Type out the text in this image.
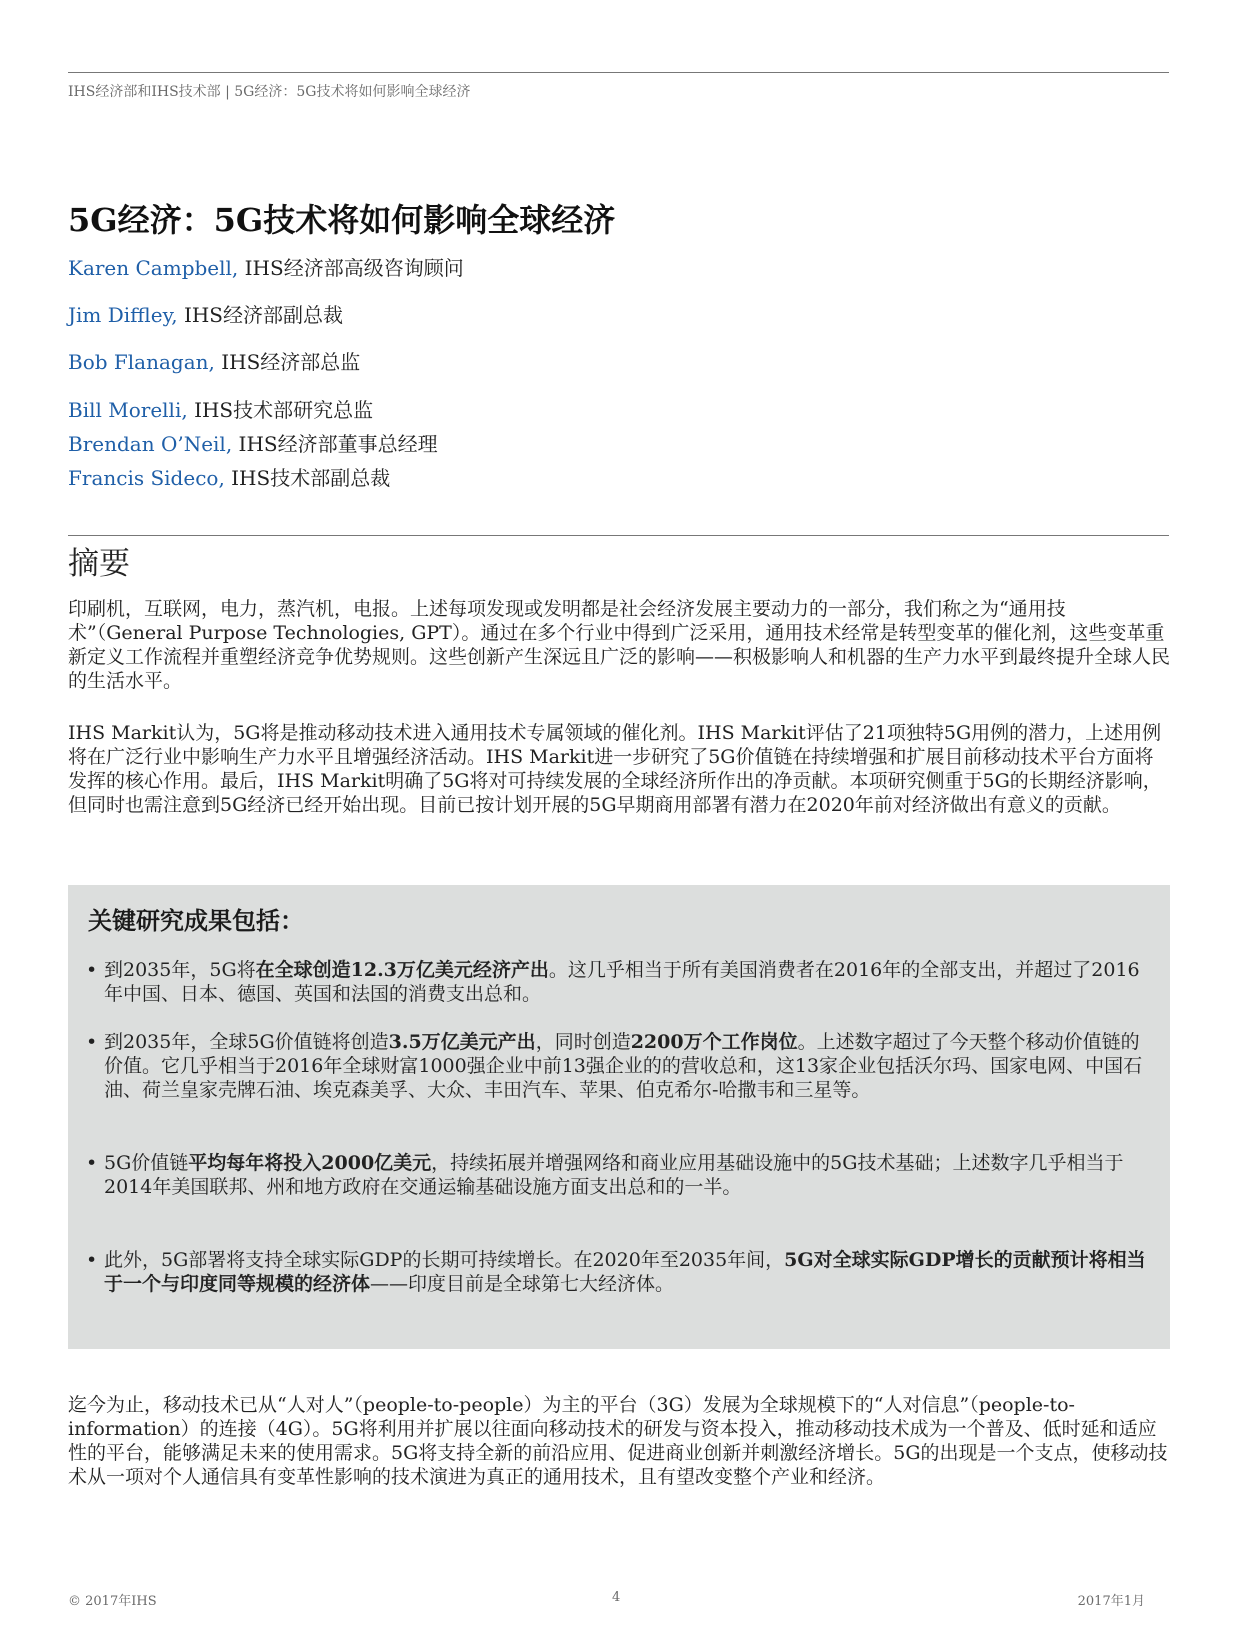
IHS经济部和IHS技术部 | 5G经济：5G技术将如何影响全球经济
5G经济：5G技术将如何影响全球经济
Karen Campbell, IHS经济部高级咨询顾问
Jim Diffley, IHS经济部副总裁
Bob Flanagan, IHS经济部总监
Bill Morelli, IHS技术部研究总监
Brendan O’Neil, IHS经济部董事总经理
Francis Sideco, IHS技术部副总裁
摘要

印刷机，互联网，电力，蒸汽机，电报。上述每项发现或发明都是社会经济发展主要动力的一部分，我们称之为“通用技术”（General Purpose Technologies, GPT）。通过在多个行业中得到广泛采用，通用技术经常是转型变革的催化剂，这些变革重新定义工作流程并重塑经济竞争优势规则。这些创新产生深远且广泛的影响——积极影响人和机器的生产力水平到最终提升全球人民的生活水平。

IHS Markit认为，5G将是推动移动技术进入通用技术专属领域的催化剂。IHS Markit评估了21项独特5G用例的潜力，上述用例将在广泛行业中影响生产力水平且增强经济活动。IHS Markit进一步研究了5G价值链在持续增强和扩展目前移动技术平台方面将发挥的核心作用。最后，IHS Markit明确了5G将对可持续发展的全球经济所作出的净贡献。本项研究侧重于5G的长期经济影响，但同时也需注意到5G经济已经开始出现。目前已按计划开展的5G早期商用部署有潜力在2020年前对经济做出有意义的贡献。

关键研究成果包括：
• 到2035年，5G将在全球创造12.3万亿美元经济产出。这几乎相当于所有美国消费者在2016年的全部支出，并超过了2016年中国、日本、德国、英国和法国的消费支出总和。
• 到2035年，全球5G价值链将创造3.5万亿美元产出，同时创造2200万个工作岗位。上述数字超过了今天整个移动价值链的价值。它几乎相当于2016年全球财富1000强企业中前13强企业的的营收总和，这13家企业包括沃尔玛、国家电网、中国石油、荷兰皇家壳牌石油、埃克森美孚、大众、丰田汽车、苹果、伯克希尔-哈撒韦和三星等。
• 5G价值链平均每年将投入2000亿美元，持续拓展并增强网络和商业应用基础设施中的5G技术基础；上述数字几乎相当于2014年美国联邦、州和地方政府在交通运输基础设施方面支出总和的一半。
• 此外，5G部署将支持全球实际GDP的长期可持续增长。在2020年至2035年间，5G对全球实际GDP增长的贡献预计将相当于一个与印度同等规模的经济体——印度目前是全球第七大经济体。

迄今为止，移动技术已从“人对人”（people-to-people）为主的平台（3G）发展为全球规模下的“人对信息”（people-to-information）的连接（4G）。5G将利用并扩展以往面向移动技术的研发与资本投入，推动移动技术成为一个普及、低时延和适应性的平台，能够满足未来的使用需求。5G将支持全新的前沿应用、促进商业创新并刺激经济增长。5G的出现是一个支点，使移动技术从一项对个人通信具有变革性影响的技术演进为真正的通用技术，且有望改变整个产业和经济。

© 2017年IHS	4	2017年1月
